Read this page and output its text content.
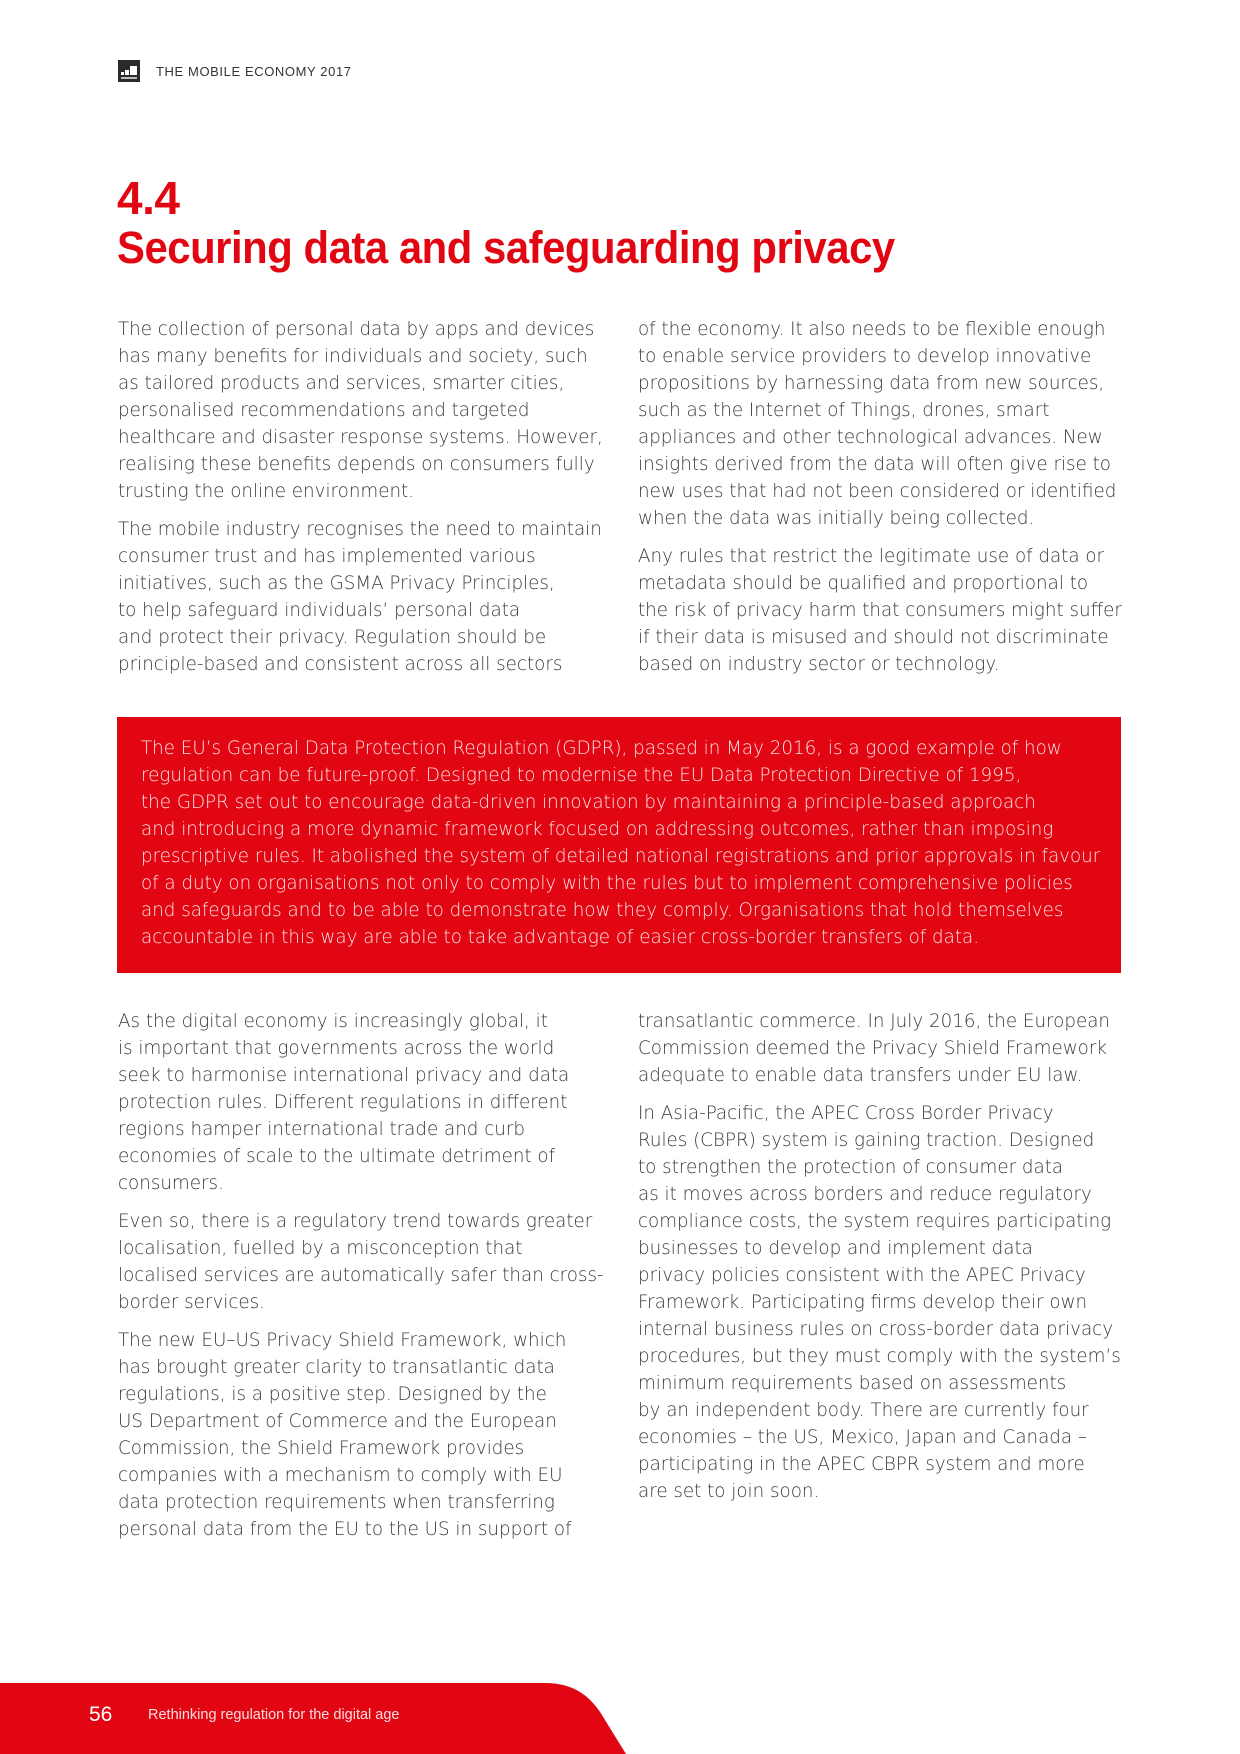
THE MOBILE ECONOMY 2017
4.4
Securing data and safeguarding privacy

The collection of personal data by apps and devices
has many benefits for individuals and society, such
as tailored products and services, smarter cities,
personalised recommendations and targeted
healthcare and disaster response systems. However,
realising these benefits depends on consumers fully
trusting the online environment.

The mobile industry recognises the need to maintain
consumer trust and has implemented various
initiatives, such as the GSMA Privacy Principles,
to help safeguard individuals’ personal data
and protect their privacy. Regulation should be
principle-based and consistent across all sectors

of the economy. It also needs to be flexible enough
to enable service providers to develop innovative
propositions by harnessing data from new sources,
such as the Internet of Things, drones, smart
appliances and other technological advances. New
insights derived from the data will often give rise to
new uses that had not been considered or identified
when the data was initially being collected.

Any rules that restrict the legitimate use of data or
metadata should be qualified and proportional to
the risk of privacy harm that consumers might suffer
if their data is misused and should not discriminate
based on industry sector or technology.

The EU’s General Data Protection Regulation (GDPR), passed in May 2016, is a good example of how
regulation can be future-proof. Designed to modernise the EU Data Protection Directive of 1995,
the GDPR set out to encourage data-driven innovation by maintaining a principle-based approach
and introducing a more dynamic framework focused on addressing outcomes, rather than imposing
prescriptive rules. It abolished the system of detailed national registrations and prior approvals in favour
of a duty on organisations not only to comply with the rules but to implement comprehensive policies
and safeguards and to be able to demonstrate how they comply. Organisations that hold themselves
accountable in this way are able to take advantage of easier cross-border transfers of data.

As the digital economy is increasingly global, it
is important that governments across the world
seek to harmonise international privacy and data
protection rules. Different regulations in different
regions hamper international trade and curb
economies of scale to the ultimate detriment of
consumers.

Even so, there is a regulatory trend towards greater
localisation, fuelled by a misconception that
localised services are automatically safer than cross-
border services.

The new EU–US Privacy Shield Framework, which
has brought greater clarity to transatlantic data
regulations, is a positive step. Designed by the
US Department of Commerce and the European
Commission, the Shield Framework provides
companies with a mechanism to comply with EU
data protection requirements when transferring
personal data from the EU to the US in support of

transatlantic commerce. In July 2016, the European
Commission deemed the Privacy Shield Framework
adequate to enable data transfers under EU law.

In Asia-Pacific, the APEC Cross Border Privacy
Rules (CBPR) system is gaining traction. Designed
to strengthen the protection of consumer data
as it moves across borders and reduce regulatory
compliance costs, the system requires participating
businesses to develop and implement data
privacy policies consistent with the APEC Privacy
Framework. Participating firms develop their own
internal business rules on cross-border data privacy
procedures, but they must comply with the system’s
minimum requirements based on assessments
by an independent body. There are currently four
economies – the US, Mexico, Japan and Canada –
participating in the APEC CBPR system and more
are set to join soon.

56 Rethinking regulation for the digital age
